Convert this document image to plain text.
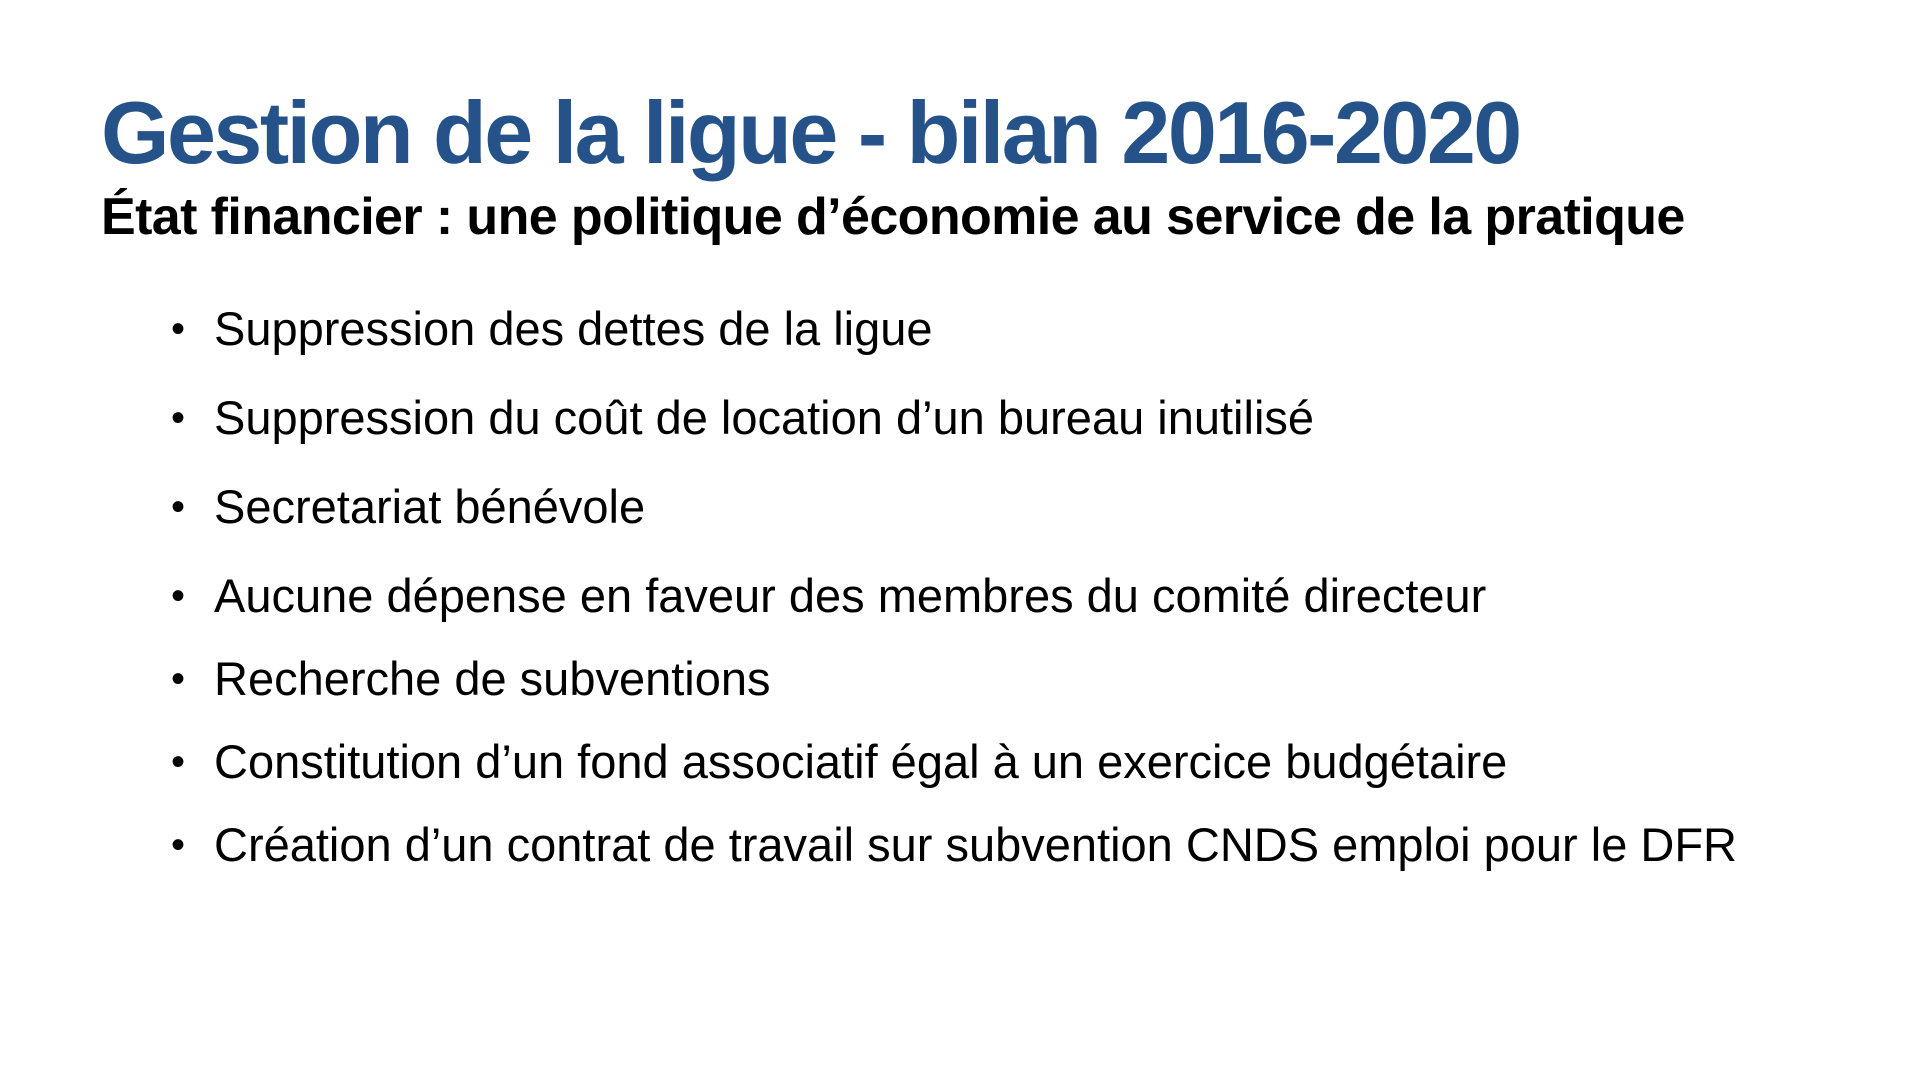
Gestion de la ligue - bilan 2016-2020
État financier : une politique d’économie au service de la pratique
• Suppression des dettes de la ligue
• Suppression du coût de location d’un bureau inutilisé
• Secretariat bénévole
• Aucune dépense en faveur des membres du comité directeur
• Recherche de subventions
• Constitution d’un fond associatif égal à un exercice budgétaire
• Création d’un contrat de travail sur subvention CNDS emploi pour le DFR
